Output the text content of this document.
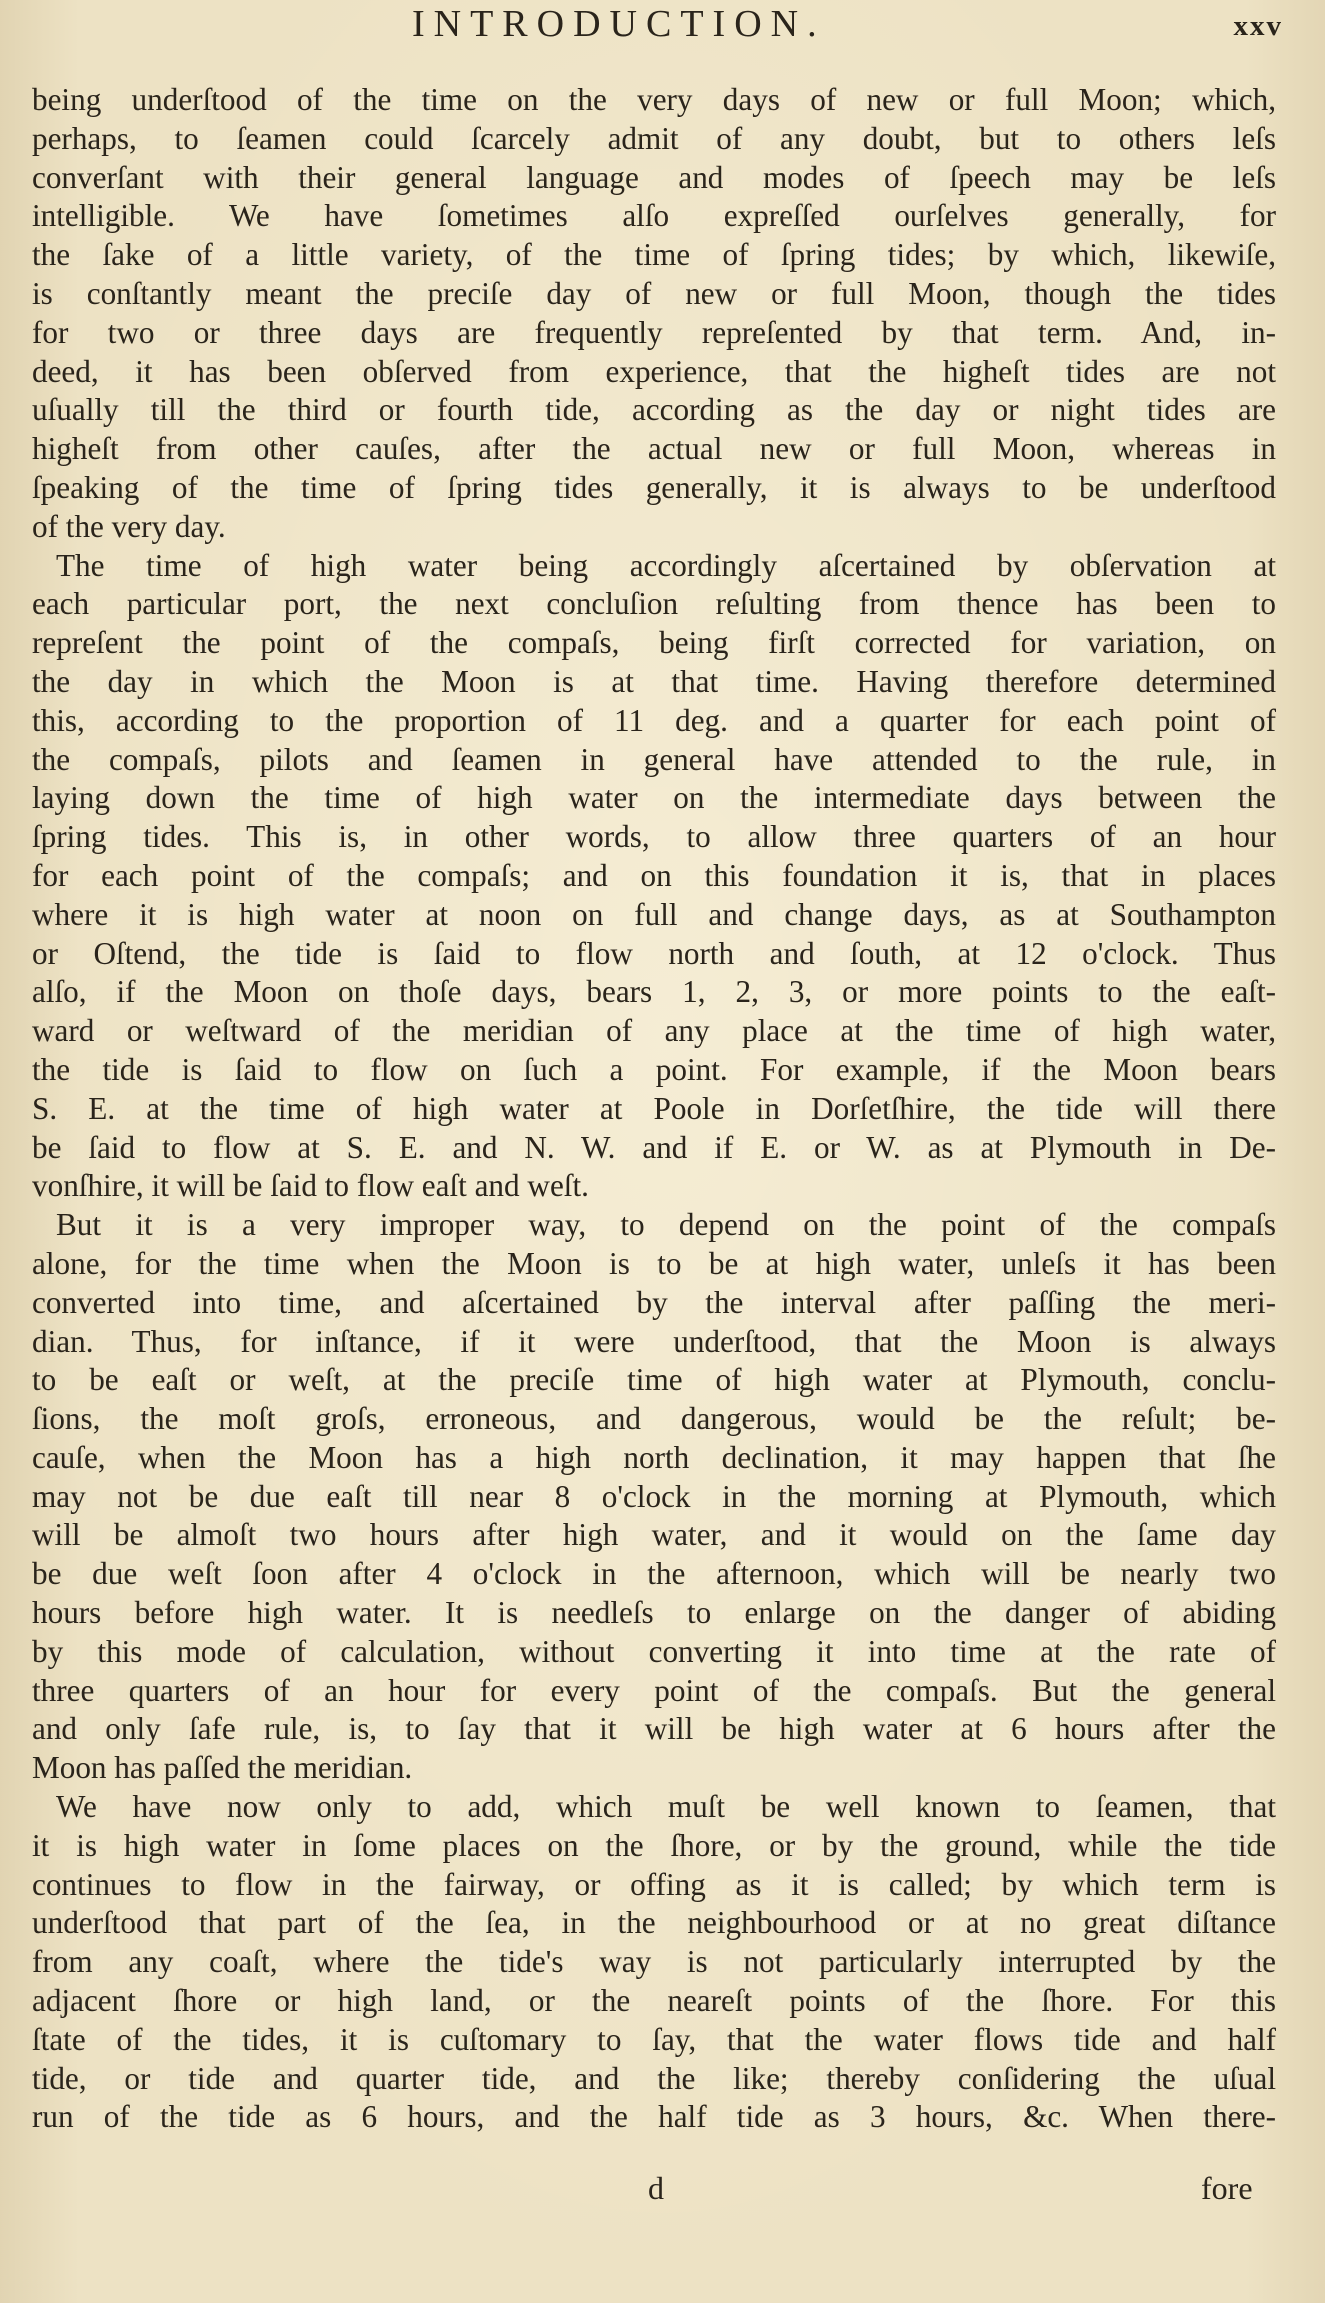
INTRODUCTION.	xxv
being underſtood of the time on the very days of new or full Moon; which,
perhaps, to ſeamen could ſcarcely admit of any doubt, but to others leſs
converſant with their general language and modes of ſpeech may be leſs
intelligible. We have ſometimes alſo expreſſed ourſelves generally, for
the ſake of a little variety, of the time of ſpring tides; by which, likewiſe,
is conſtantly meant the preciſe day of new or full Moon, though the tides
for two or three days are frequently repreſented by that term. And, in-
deed, it has been obſerved from experience, that the higheſt tides are not
uſually till the third or fourth tide, according as the day or night tides are
higheſt from other cauſes, after the actual new or full Moon, whereas in
ſpeaking of the time of ſpring tides generally, it is always to be underſtood
of the very day.
The time of high water being accordingly aſcertained by obſervation at
each particular port, the next concluſion reſulting from thence has been to
repreſent the point of the compaſs, being firſt corrected for variation, on
the day in which the Moon is at that time. Having therefore determined
this, according to the proportion of 11 deg. and a quarter for each point of
the compaſs, pilots and ſeamen in general have attended to the rule, in
laying down the time of high water on the intermediate days between the
ſpring tides. This is, in other words, to allow three quarters of an hour
for each point of the compaſs; and on this foundation it is, that in places
where it is high water at noon on full and change days, as at Southampton
or Oſtend, the tide is ſaid to flow north and ſouth, at 12 o'clock. Thus
alſo, if the Moon on thoſe days, bears 1, 2, 3, or more points to the eaſt-
ward or weſtward of the meridian of any place at the time of high water,
the tide is ſaid to flow on ſuch a point. For example, if the Moon bears
S. E. at the time of high water at Poole in Dorſetſhire, the tide will there
be ſaid to flow at S. E. and N. W. and if E. or W. as at Plymouth in De-
vonſhire, it will be ſaid to flow eaſt and weſt.
But it is a very improper way, to depend on the point of the compaſs
alone, for the time when the Moon is to be at high water, unleſs it has been
converted into time, and aſcertained by the interval after paſſing the meri-
dian. Thus, for inſtance, if it were underſtood, that the Moon is always
to be eaſt or weſt, at the preciſe time of high water at Plymouth, conclu-
ſions, the moſt groſs, erroneous, and dangerous, would be the reſult; be-
cauſe, when the Moon has a high north declination, it may happen that ſhe
may not be due eaſt till near 8 o'clock in the morning at Plymouth, which
will be almoſt two hours after high water, and it would on the ſame day
be due weſt ſoon after 4 o'clock in the afternoon, which will be nearly two
hours before high water. It is needleſs to enlarge on the danger of abiding
by this mode of calculation, without converting it into time at the rate of
three quarters of an hour for every point of the compaſs. But the general
and only ſafe rule, is, to ſay that it will be high water at 6 hours after the
Moon has paſſed the meridian.
We have now only to add, which muſt be well known to ſeamen, that
it is high water in ſome places on the ſhore, or by the ground, while the tide
continues to flow in the fairway, or offing as it is called; by which term is
underſtood that part of the ſea, in the neighbourhood or at no great diſtance
from any coaſt, where the tide's way is not particularly interrupted by the
adjacent ſhore or high land, or the neareſt points of the ſhore. For this
ſtate of the tides, it is cuſtomary to ſay, that the water flows tide and half
tide, or tide and quarter tide, and the like; thereby conſidering the uſual
run of the tide as 6 hours, and the half tide as 3 hours, &c. When there-
d	fore
